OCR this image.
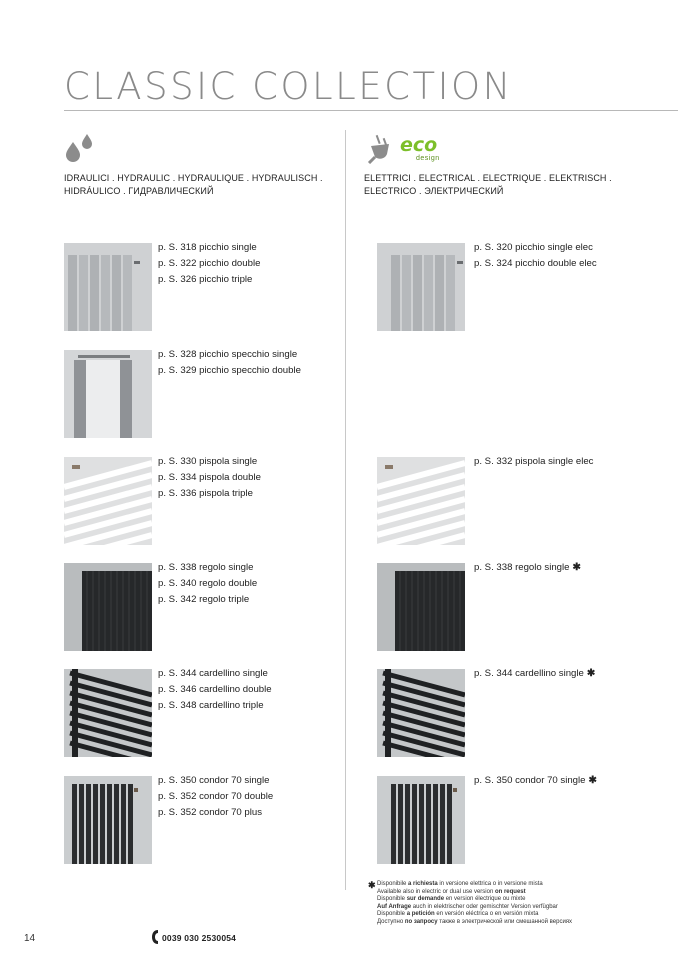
CLASSIC COLLECTION
IDRAULICI . HYDRAULIC . HYDRAULIQUE . HYDRAULISCH .
HIDRÁULICO . ГИДРАВЛИЧЕСКИЙ
eco
design
ELETTRICI . ELECTRICAL . ELECTRIQUE . ELEKTRISCH .
ELECTRICO . ЭЛЕКТРИЧЕСКИЙ
p. S. 318 picchio single
p. S. 322 picchio double
p. S. 326 picchio triple
p. S. 328 picchio specchio single
p. S. 329 picchio specchio double
p. S. 330 pispola single
p. S. 334 pispola double
p. S. 336 pispola triple
p. S. 338 regolo single
p. S. 340 regolo double
p. S. 342 regolo triple
p. S. 344 cardellino single
p. S. 346 cardellino double
p. S. 348 cardellino triple
p. S. 350 condor 70 single
p. S. 352 condor 70 double
p. S. 352 condor 70 plus
p. S. 320 picchio single elec
p. S. 324 picchio double elec
p. S. 332 pispola single elec
p. S. 338 regolo single ✱
p. S. 344 cardellino single ✱
p. S. 350 condor 70 single ✱
✱ Disponibile a richiesta in versione elettrica o in versione mista
Available also in electric or dual use version on request
Disponible sur demande en version électrique ou mixte
Auf Anfrage auch in elektrischer oder gemischter Version verfügbar
Disponible a petición en versión eléctrica o en versión mixta
Доступно по запросу также в электрической или смешанной версиях
14	0039 030 2530054
